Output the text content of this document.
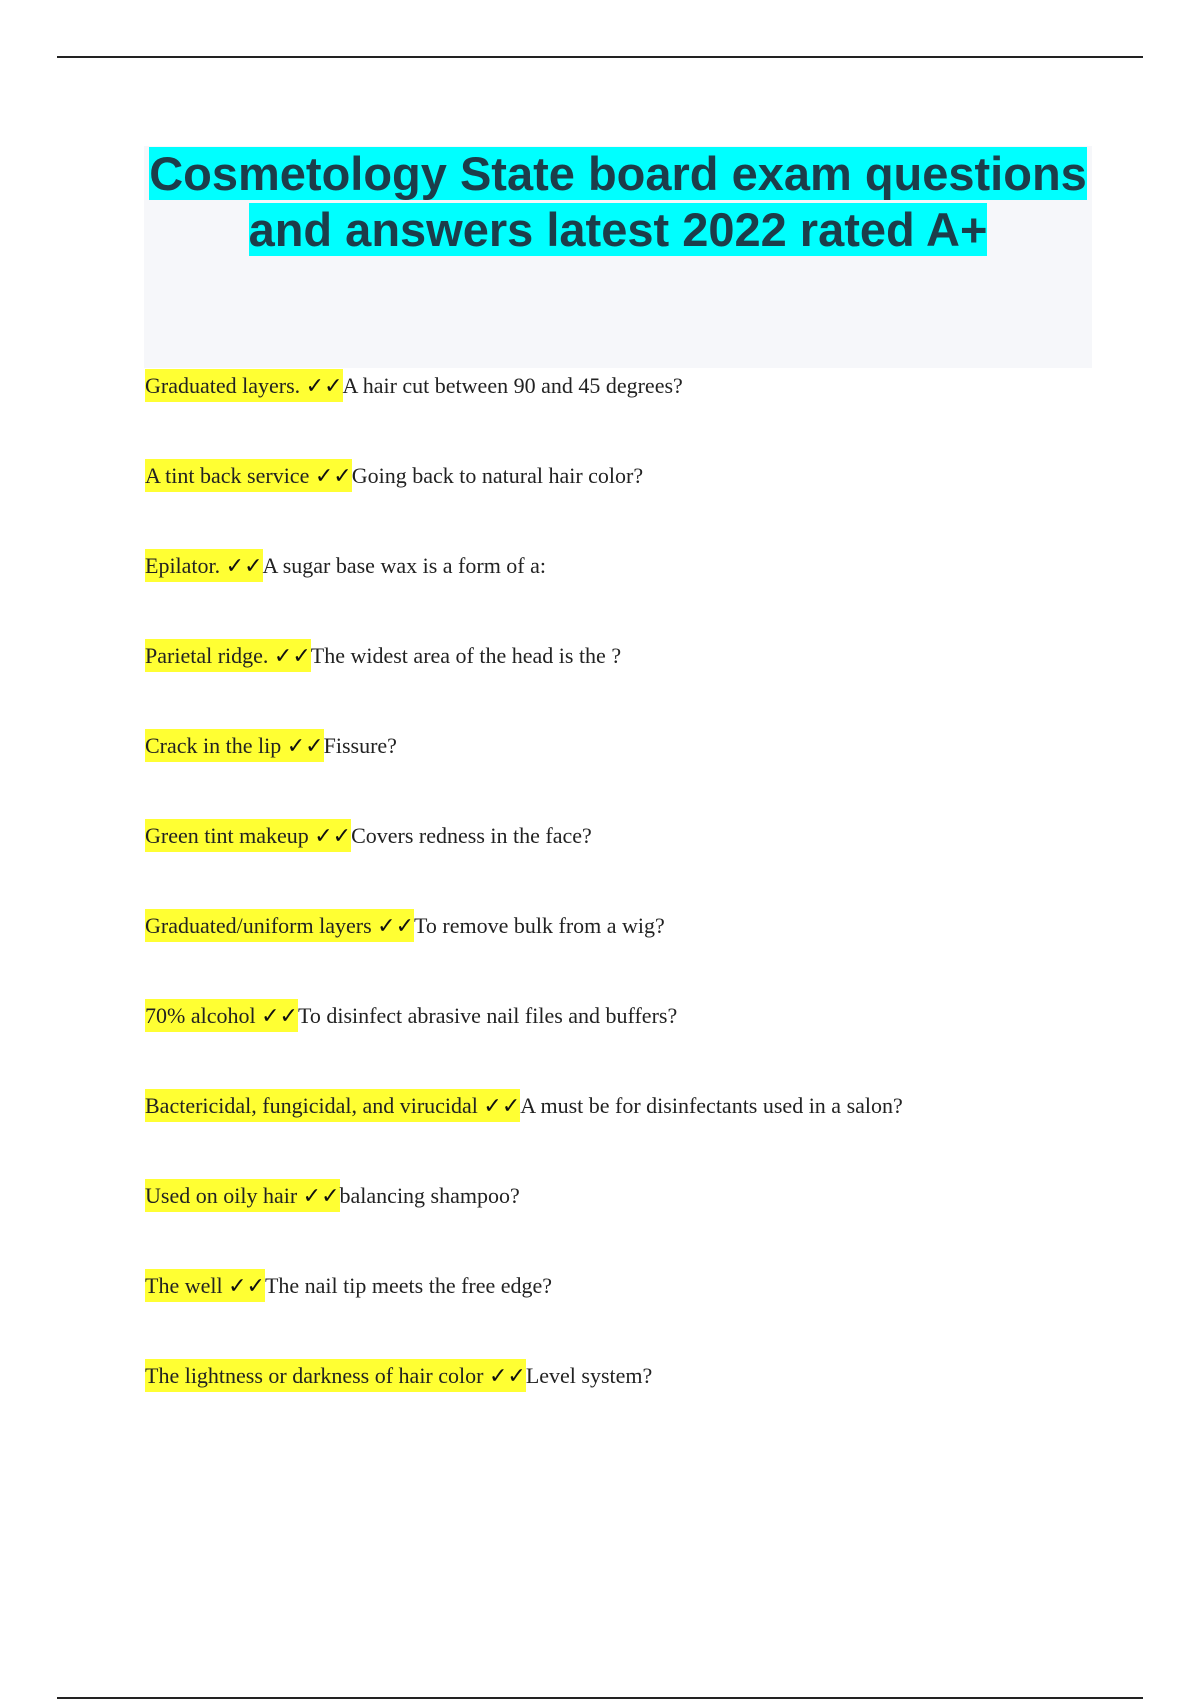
Cosmetology State board exam questions and answers latest 2022 rated A+
Graduated layers. ✓✓A hair cut between 90 and 45 degrees?
A tint back service ✓✓Going back to natural hair color?
Epilator. ✓✓A sugar base wax is a form of a:
Parietal ridge. ✓✓The widest area of the head is the ?
Crack in the lip ✓✓Fissure?
Green tint makeup ✓✓Covers redness in the face?
Graduated/uniform layers ✓✓To remove bulk from a wig?
70% alcohol ✓✓To disinfect abrasive nail files and buffers?
Bactericidal, fungicidal, and virucidal ✓✓A must be for disinfectants used in a salon?
Used on oily hair ✓✓balancing shampoo?
The well ✓✓The nail tip meets the free edge?
The lightness or darkness of hair color ✓✓Level system?
